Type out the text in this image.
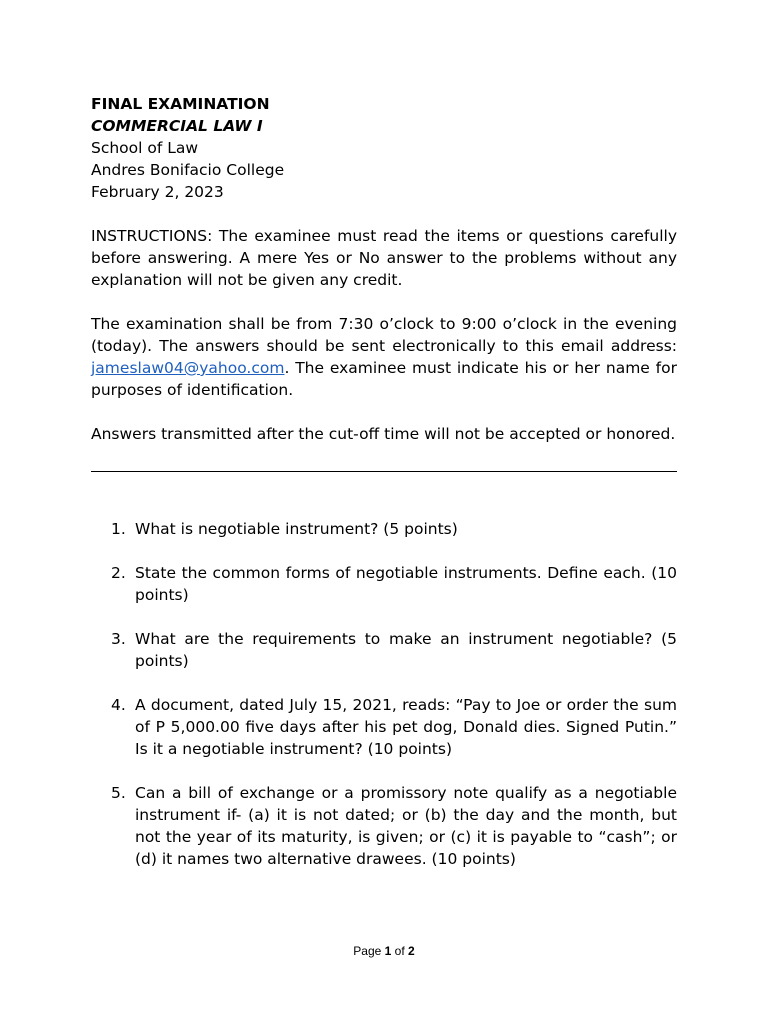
FINAL EXAMINATION
COMMERCIAL LAW I
School of Law
Andres Bonifacio College
February 2, 2023

INSTRUCTIONS: The examinee must read the items or questions carefully before answering. A mere Yes or No answer to the problems without any explanation will not be given any credit.

The examination shall be from 7:30 o’clock to 9:00 o’clock in the evening (today). The answers should be sent electronically to this email address: jameslaw04@yahoo.com. The examinee must indicate his or her name for purposes of identification.

Answers transmitted after the cut-off time will not be accepted or honored.

1. What is negotiable instrument? (5 points)
2. State the common forms of negotiable instruments. Define each. (10 points)
3. What are the requirements to make an instrument negotiable? (5 points)
4. A document, dated July 15, 2021, reads: “Pay to Joe or order the sum of P 5,000.00 five days after his pet dog, Donald dies. Signed Putin.” Is it a negotiable instrument? (10 points)
5. Can a bill of exchange or a promissory note qualify as a negotiable instrument if- (a) it is not dated; or (b) the day and the month, but not the year of its maturity, is given; or (c) it is payable to “cash”; or (d) it names two alternative drawees. (10 points)
Page 1 of 2
